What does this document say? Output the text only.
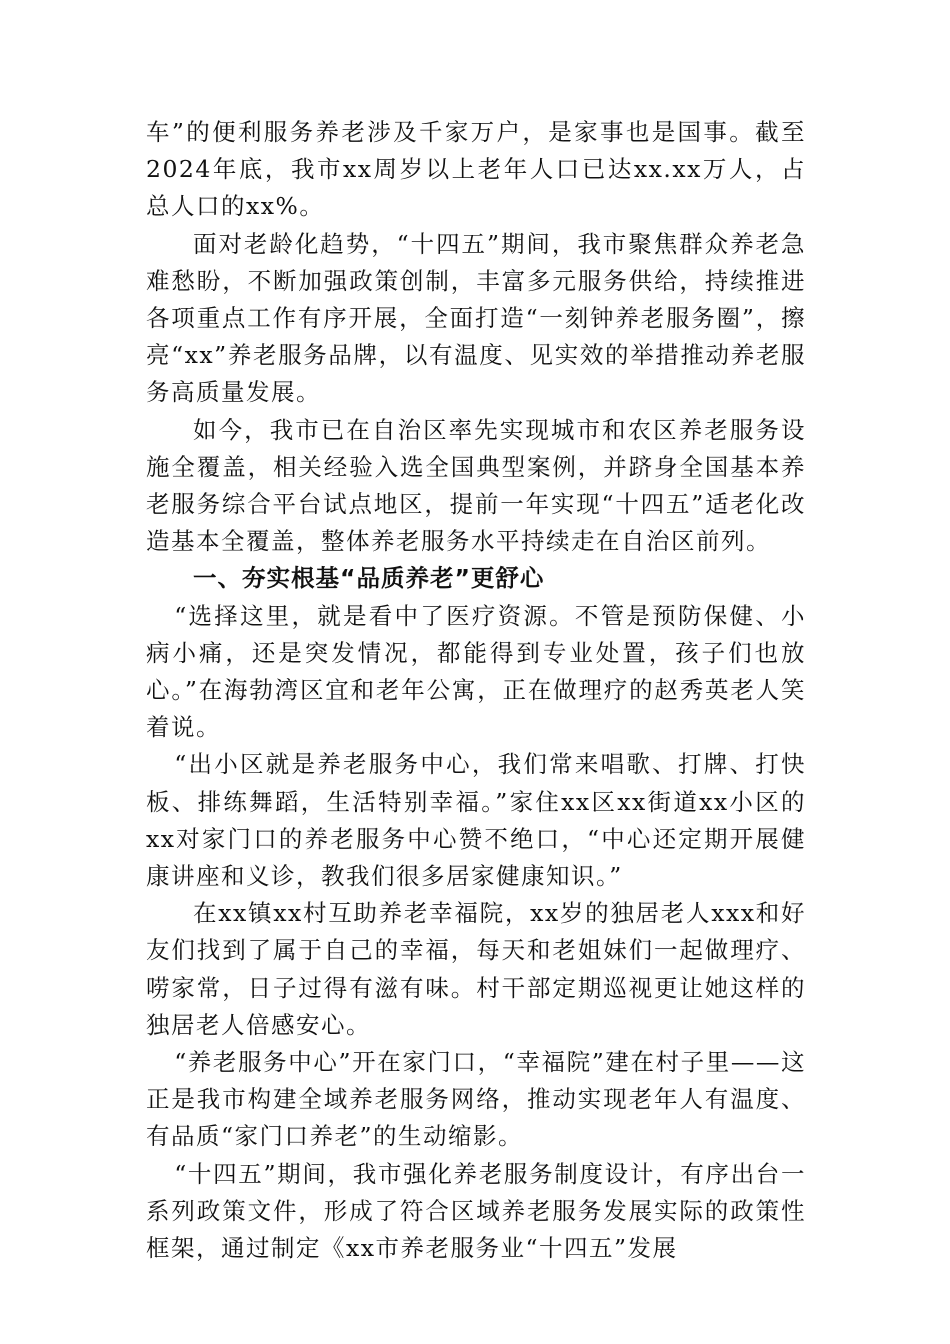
车”的便利服务养老涉及千家万户，是家事也是国事。截至2024年底，我市xx周岁以上老年人口已达xx.xx万人，占总人口的xx%。

面对老龄化趋势，“十四五”期间，我市聚焦群众养老急难愁盼，不断加强政策创制，丰富多元服务供给，持续推进各项重点工作有序开展，全面打造“一刻钟养老服务圈”，擦亮“xx”养老服务品牌，以有温度、见实效的举措推动养老服务高质量发展。

如今，我市已在自治区率先实现城市和农区养老服务设施全覆盖，相关经验入选全国典型案例，并跻身全国基本养老服务综合平台试点地区，提前一年实现“十四五”适老化改造基本全覆盖，整体养老服务水平持续走在自治区前列。

一、夯实根基“品质养老”更舒心

“选择这里，就是看中了医疗资源。不管是预防保健、小病小痛，还是突发情况，都能得到专业处置，孩子们也放心。”在海勃湾区宜和老年公寓，正在做理疗的赵秀英老人笑着说。

“出小区就是养老服务中心，我们常来唱歌、打牌、打快板、排练舞蹈，生活特别幸福。”家住xx区xx街道xx小区的xx对家门口的养老服务中心赞不绝口，“中心还定期开展健康讲座和义诊，教我们很多居家健康知识。”

在xx镇xx村互助养老幸福院，xx岁的独居老人xxx和好友们找到了属于自己的幸福，每天和老姐妹们一起做理疗、唠家常，日子过得有滋有味。村干部定期巡视更让她这样的独居老人倍感安心。

“养老服务中心”开在家门口，“幸福院”建在村子里——这正是我市构建全域养老服务网络，推动实现老年人有温度、有品质“家门口养老”的生动缩影。

“十四五”期间，我市强化养老服务制度设计，有序出台一系列政策文件，形成了符合区域养老服务发展实际的政策性框架，通过制定《xx市养老服务业“十四五”发展
